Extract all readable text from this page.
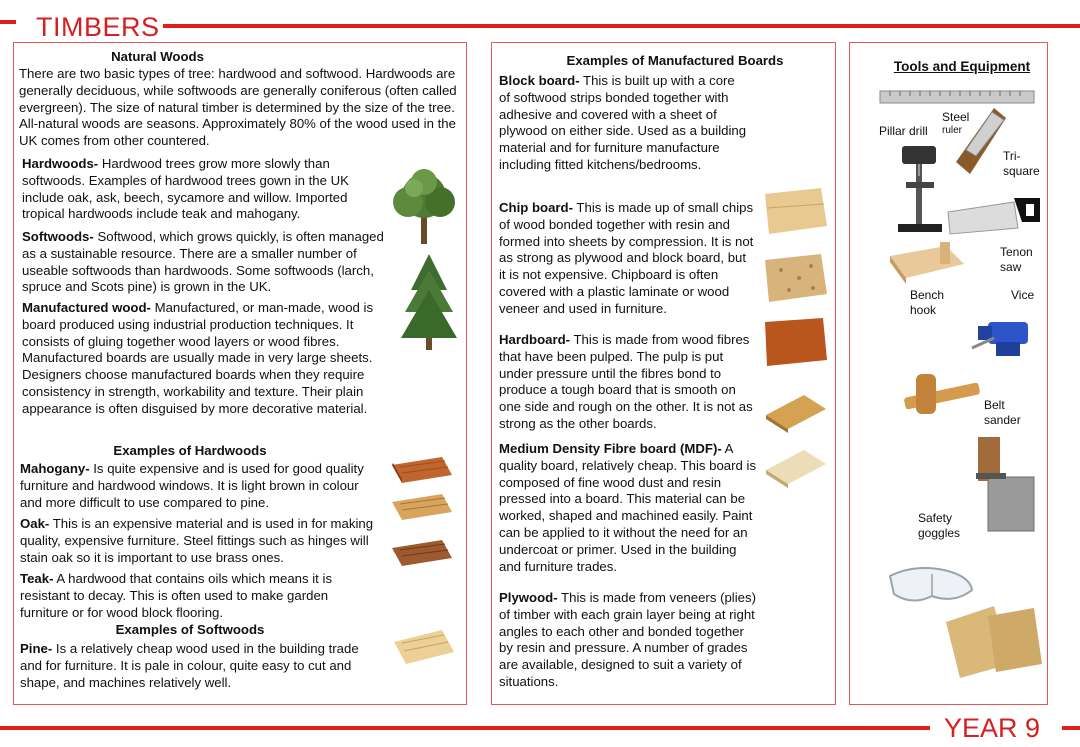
TIMBERS
YEAR 9
Natural Woods
There are two basic types of tree: hardwood and softwood. Hardwoods are generally deciduous, while softwoods are generally coniferous (often called evergreen). The size of natural timber is determined by the size of the tree. All-natural woods are seasons. Approximately 80% of the wood used in the UK comes from other countered.
Hardwoods- Hardwood trees grow more slowly than softwoods. Examples of hardwood trees gown in the UK include oak, ask, beech, sycamore and willow. Imported tropical hardwoods include teak and mahogany.
Softwoods- Softwood, which grows quickly, is often managed as a sustainable resource. There are a smaller number of useable softwoods than hardwoods. Some softwoods (larch, spruce and Scots pine) is grown in the UK.
Manufactured wood- Manufactured, or man-made, wood is board produced using industrial production techniques. It consists of gluing together wood layers or wood fibres. Manufactured boards are usually made in very large sheets. Designers choose manufactured boards when they require consistency in strength, workability and texture. Their plain appearance is often disguised by more decorative material.
Examples of Hardwoods
Mahogany- Is quite expensive and is used for good quality furniture and hardwood windows. It is light brown in colour and more difficult to use compared to pine.
Oak- This is an expensive material and is used in for making quality, expensive furniture. Steel fittings such as hinges will stain oak so it is important to use brass ones.
Teak- A hardwood that contains oils which means it is resistant to decay. This is often used to make garden furniture or for wood block flooring.
Examples of Softwoods
Pine- Is a relatively cheap wood used in the building trade and for furniture. It is pale in colour, quite easy to cut and shape, and machines relatively well.
Examples of Manufactured Boards
Block board- This is built up with a core of softwood strips bonded together with adhesive and covered with a sheet of plywood on either side. Used as a building material and for furniture manufacture including fitted kitchens/bedrooms.
Chip board- This is made up of small chips of wood bonded together with resin and formed into sheets by compression. It is not as strong as plywood and block board, but it is not expensive. Chipboard is often covered with a plastic laminate or wood veneer and used in furniture.
Hardboard- This is made from wood fibres that have been pulped. The pulp is put under pressure until the fibres bond to produce a tough board that is smooth on one side and rough on the other. It is not as strong as the other boards.
Medium Density Fibre board (MDF)- A quality board, relatively cheap. This board is composed of fine wood dust and resin pressed into a board. This material can be worked, shaped and machined easily. Paint can be applied to it without the need for an undercoat or primer. Used in the building and furniture trades.
Plywood- This is made from veneers (plies) of timber with each grain layer being at right angles to each other and bonded together by resin and pressure. A number of grades are available, designed to suit a variety of situations.
Tools and Equipment
Steel
ruler
Pillar drill
Tri-
square
Tenon
saw
Bench
hook
Vice
Belt
sander
Safety
goggles
